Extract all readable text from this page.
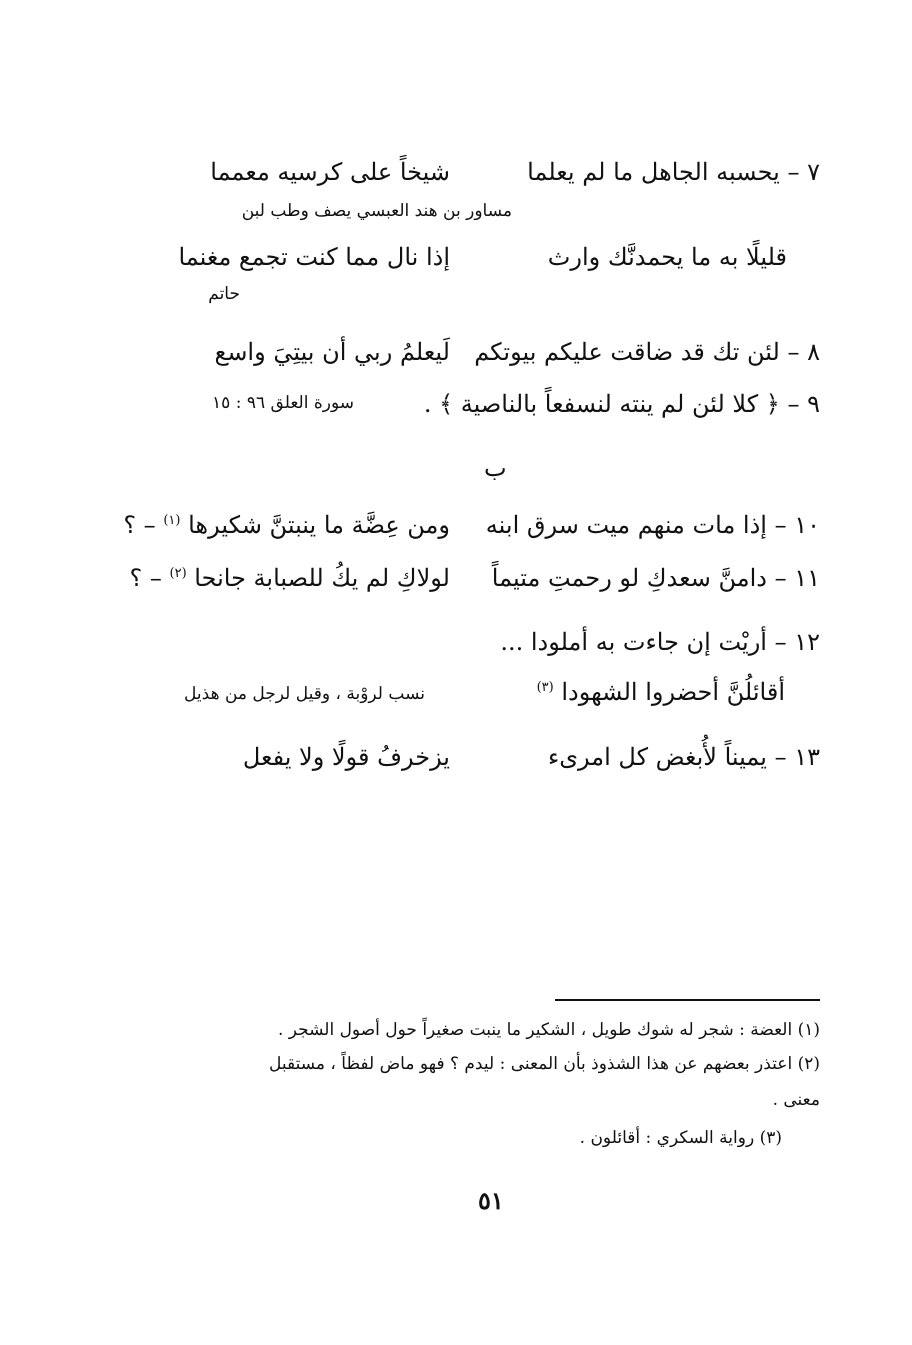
٧ – يحسبه الجاهل ما لم يعلما
شيخاً على كرسيه معمما
مساور بن هند العبسي يصف وطب لبن
قليلًا به ما يحمدنَّك وارث
إذا نال مما كنت تجمع مغنما
حاتم
٨ – لئن تك قد ضاقت عليكم بيوتكم
لَيعلمُ ربي أن بيتِيَ واسع
٩ – ﴿ كلا لئن لم ينته لنسفعاً بالناصية ﴾ .
سورة العلق ٩٦ : ١٥
ب
١٠ – إذا مات منهم ميت سرق ابنه
ومن عِضَّة ما ينبتنَّ شكيرها $^{(١)}$ – ؟
١١ – دامنَّ سعدكِ لو رحمتِ متيماً
لولاكِ لم يكُ للصبابة جانحا $^{(٢)}$ – ؟
١٢ – أريْت إن جاءت به أملودا ...
أقائلُنَّ أحضروا الشهودا $^{(٣)}$
نسب لروْبة ، وقيل لرجل من هذيل
١٣ – يميناً لأُبغض كل امرىء
يزخرفُ قولًا ولا يفعل
(١) العضة : شجر له شوك طويل ، الشكير ما ينبت صغيراً حول أصول الشجر .
(٢) اعتذر بعضهم عن هذا الشذوذ بأن المعنى : ليدم ؟ فهو ماض لفظاً ، مستقبل
معنى .
(٣) رواية السكري : أقائلون .
٥١
